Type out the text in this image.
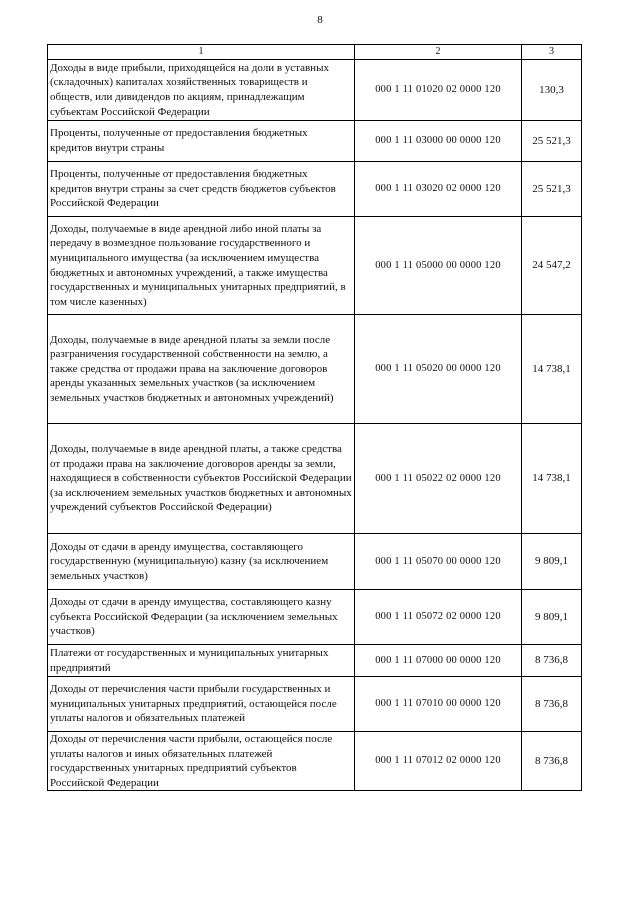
8
1	2	3
Доходы в виде прибыли, приходящейся на доли в уставных (складочных) капиталах хозяйственных товариществ и обществ, или дивидендов по акциям, принадлежащим субъектам Российской Федерации	000 1 11 01020 02 0000 120	130,3
Проценты, полученные от предоставления бюджетных кредитов внутри страны	000 1 11 03000 00 0000 120	25 521,3
Проценты, полученные от предоставления бюджетных кредитов внутри страны за счет средств бюджетов субъектов Российской Федерации	000 1 11 03020 02 0000 120	25 521,3
Доходы, получаемые в виде арендной либо иной платы за передачу в возмездное пользование государственного и муниципального имущества (за исключением имущества бюджетных и автономных учреждений, а также имущества государственных и муниципальных унитарных предприятий, в том числе казенных)	000 1 11 05000 00 0000 120	24 547,2
Доходы, получаемые в виде арендной платы за земли после разграничения государственной собственности на землю, а также средства от продажи права на заключение договоров аренды указанных земельных участков (за исключением земельных участков бюджетных и автономных учреждений)	000 1 11 05020 00 0000 120	14 738,1
Доходы, получаемые в виде арендной платы, а также средства от продажи права на заключение договоров аренды за земли, находящиеся в собственности субъектов Российской Федерации (за исключением земельных участков бюджетных и автономных учреждений субъектов Российской Федерации)	000 1 11 05022 02 0000 120	14 738,1
Доходы от сдачи в аренду имущества, составляющего государственную (муниципальную) казну (за исключением земельных участков)	000 1 11 05070 00 0000 120	9 809,1
Доходы от сдачи в аренду имущества, составляющего казну субъекта Российской Федерации (за исключением земельных участков)	000 1 11 05072 02 0000 120	9 809,1
Платежи от государственных и муниципальных унитарных предприятий	000 1 11 07000 00 0000 120	8 736,8
Доходы от перечисления части прибыли государственных и муниципальных унитарных предприятий, остающейся после уплаты налогов и обязательных платежей	000 1 11 07010 00 0000 120	8 736,8
Доходы от перечисления части прибыли, остающейся после уплаты налогов и иных обязательных платежей государственных унитарных предприятий субъектов Российской Федерации	000 1 11 07012 02 0000 120	8 736,8
